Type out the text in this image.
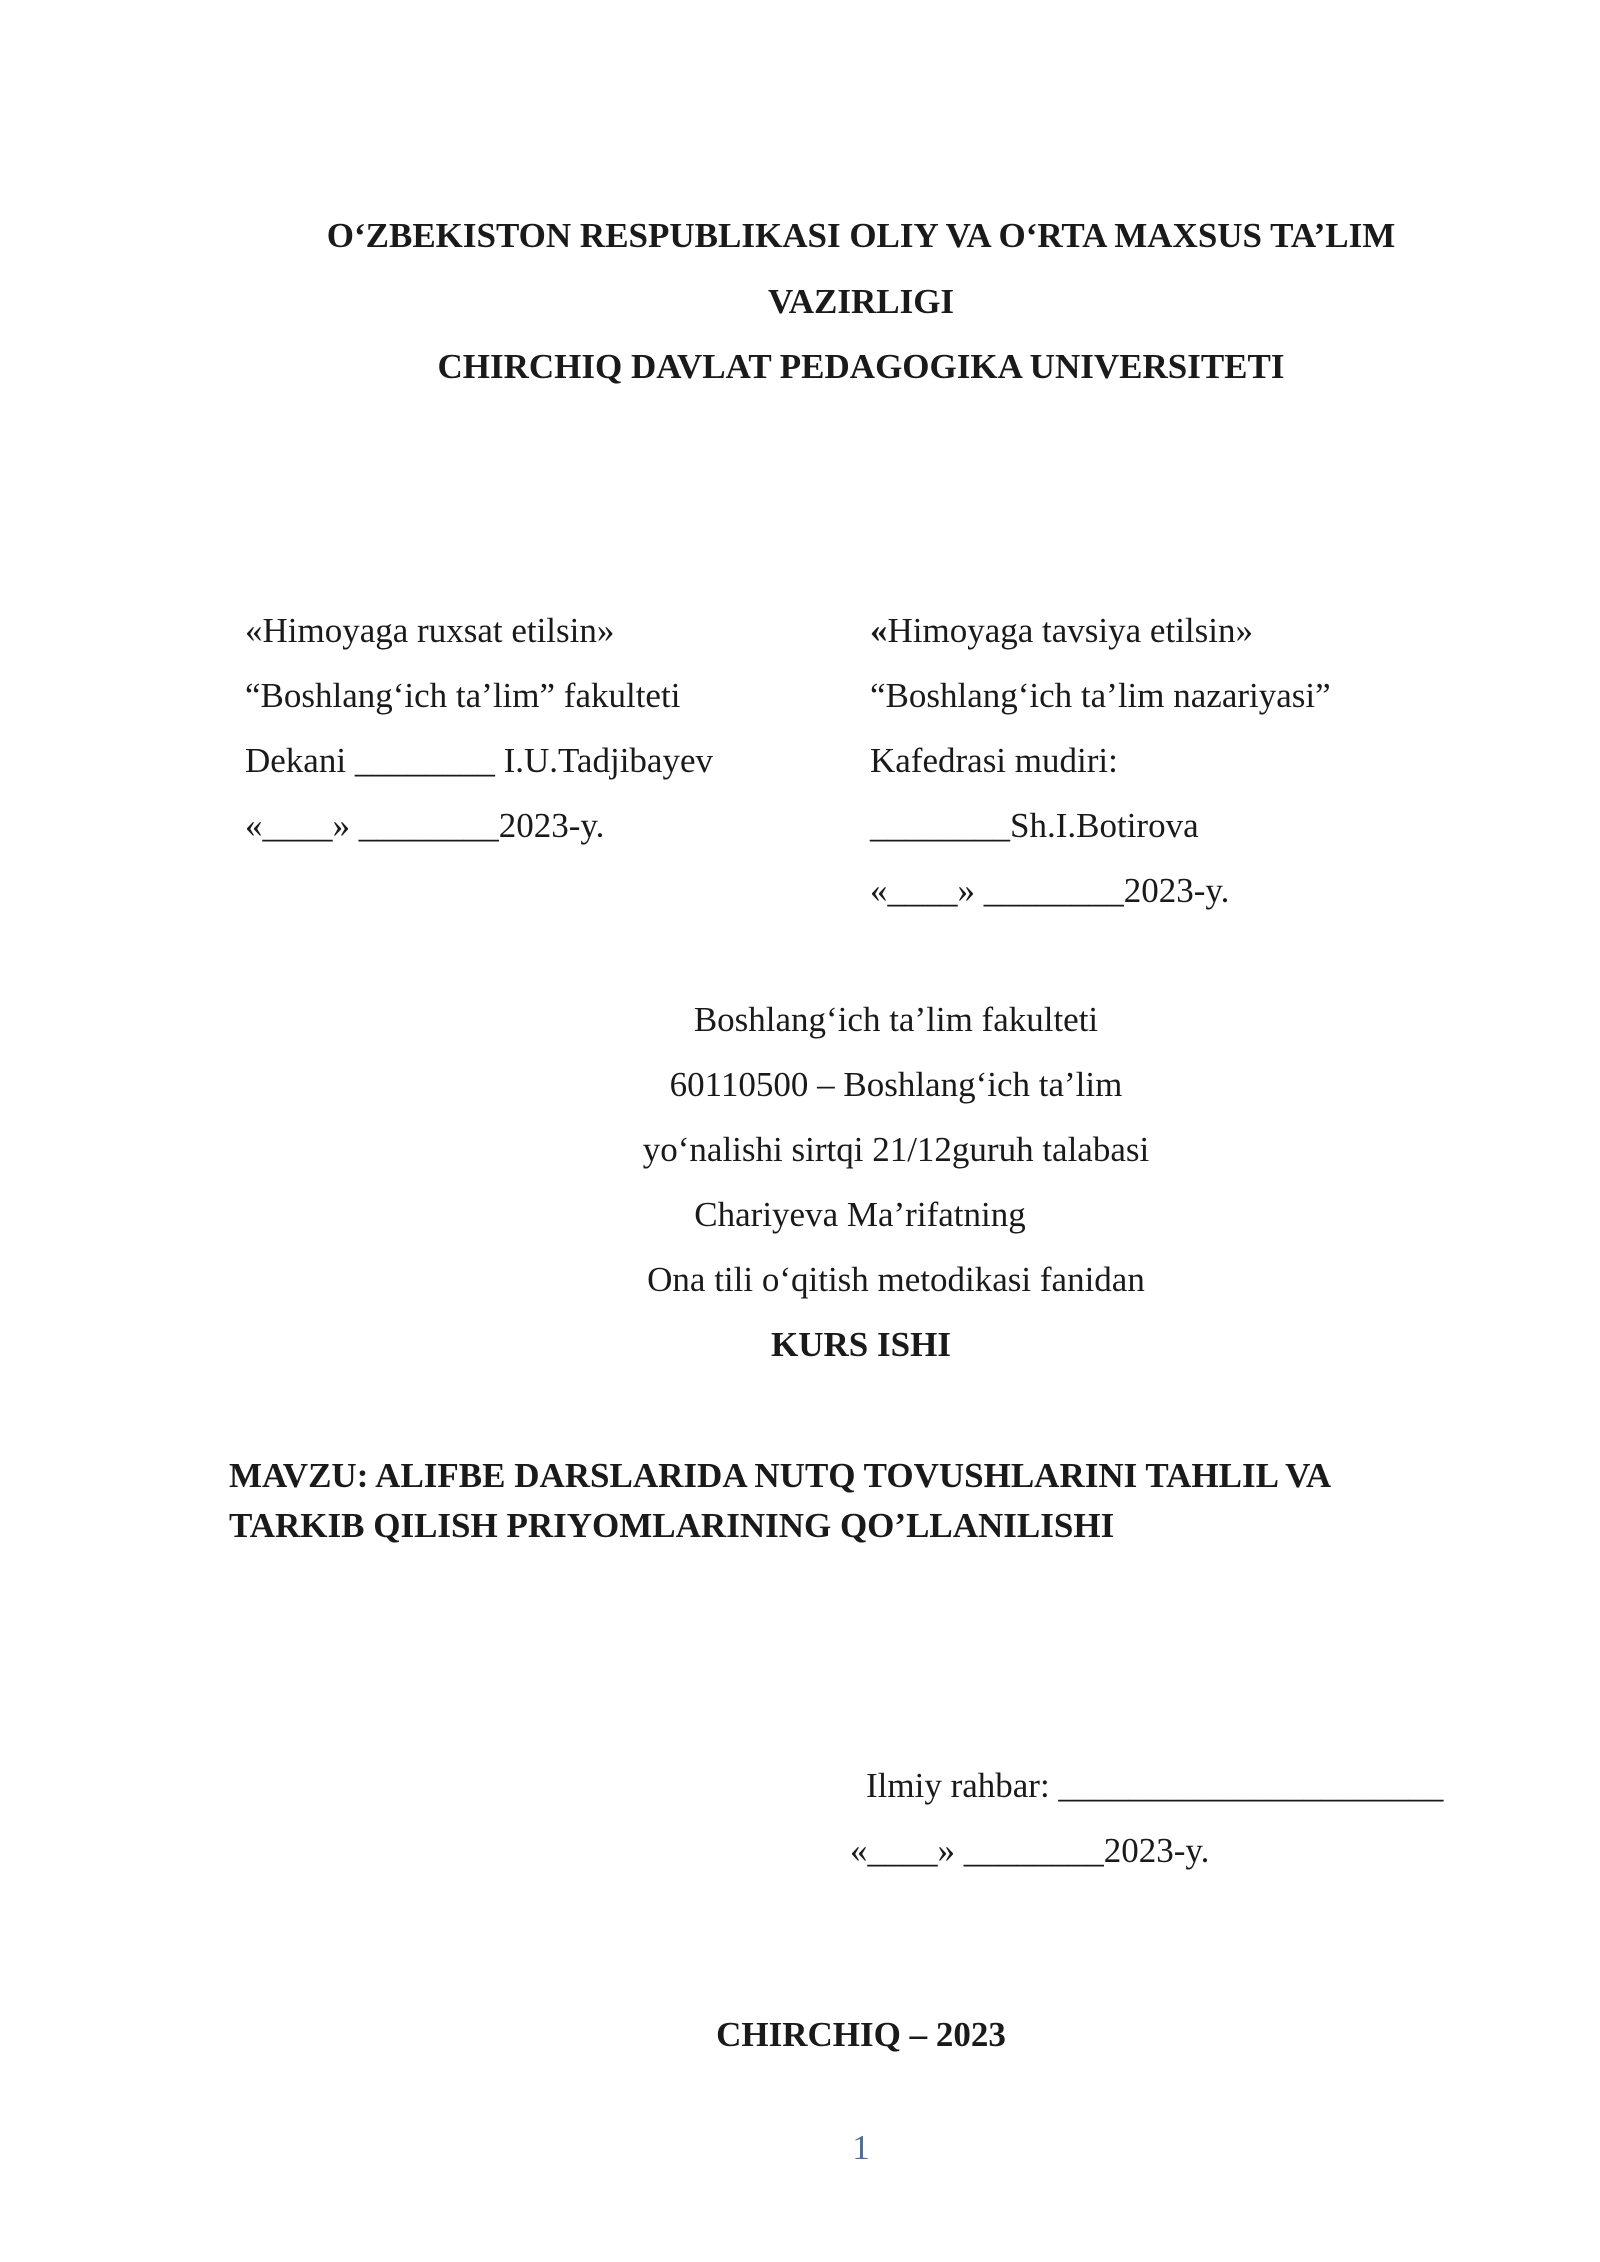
O‘ZBEKISTON RESPUBLIKASI OLIY VA O‘RTA MAXSUS TA’LIM
VAZIRLIGI
CHIRCHIQ DAVLAT PEDAGOGIKA UNIVERSITETI
«Himoyaga ruxsat etilsin»
“Boshlang‘ich ta’lim” fakulteti
Dekani ________ I.U.Tadjibayev
«____» ________2023-y.
«Himoyaga tavsiya etilsin»
“Boshlang‘ich ta’lim nazariyasi”
Kafedrasi mudiri:
________Sh.I.Botirova
«____» ________2023-y.
Boshlang‘ich ta’lim fakulteti
60110500 – Boshlang‘ich ta’lim
yo‘nalishi sirtqi 21/12guruh talabasi
Chariyeva Ma’rifatning
Ona tili o‘qitish metodikasi fanidan
KURS ISHI
MAVZU: ALIFBE DARSLARIDA NUTQ TOVUSHLARINI TAHLIL VA
TARKIB QILISH PRIYOMLARINING QO’LLANILISHI
Ilmiy rahbar: ______________________
«____» ________2023-y.
CHIRCHIQ – 2023
1
